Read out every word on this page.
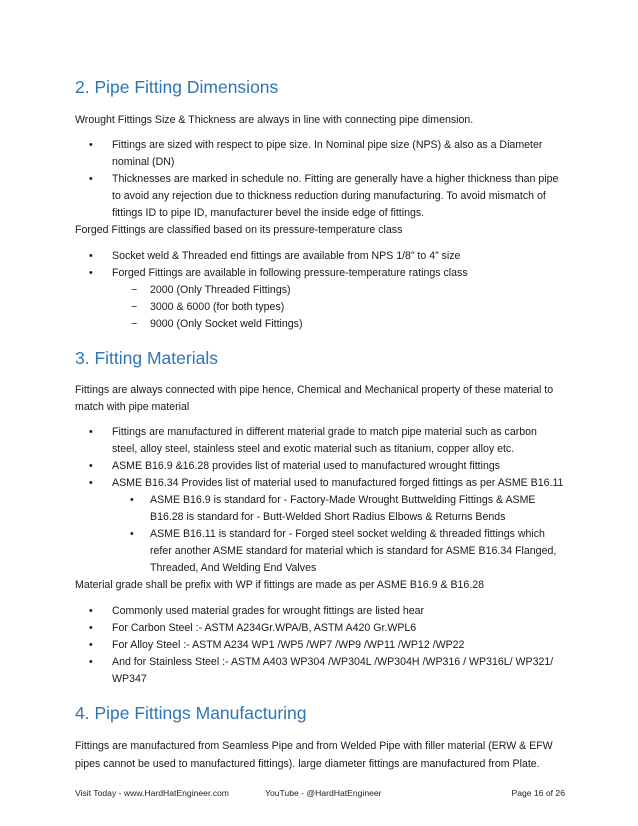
2. Pipe Fitting Dimensions

Wrought Fittings Size & Thickness are always in line with connecting pipe dimension.

• Fittings are sized with respect to pipe size. In Nominal pipe size (NPS) & also as a Diameter nominal (DN)
• Thicknesses are marked in schedule no. Fitting are generally have a higher thickness than pipe to avoid any rejection due to thickness reduction during manufacturing. To avoid mismatch of fittings ID to pipe ID, manufacturer bevel the inside edge of fittings.

Forged Fittings are classified based on its pressure-temperature class

• Socket weld & Threaded end fittings are available from NPS 1/8” to 4” size
• Forged Fittings are available in following pressure-temperature ratings class
− 2000 (Only Threaded Fittings)
− 3000 & 6000 (for both types)
− 9000 (Only Socket weld Fittings)
3. Fitting Materials

Fittings are always connected with pipe hence, Chemical and Mechanical property of these material to match with pipe material

• Fittings are manufactured in different material grade to match pipe material such as carbon steel, alloy steel, stainless steel and exotic material such as titanium, copper alloy etc.
• ASME B16.9 &16.28 provides list of material used to manufactured wrought fittings
• ASME B16.34 Provides list of material used to manufactured forged fittings as per ASME B16.11
• ASME B16.9 is standard for - Factory-Made Wrought Buttwelding Fittings & ASME B16.28 is standard for - Butt-Welded Short Radius Elbows & Returns Bends
• ASME B16.11 is standard for - Forged steel socket welding & threaded fittings which refer another ASME standard for material which is standard for ASME B16.34 Flanged, Threaded, And Welding End Valves

Material grade shall be prefix with WP if fittings are made as per ASME B16.9 & B16.28

• Commonly used material grades for wrought fittings are listed hear
• For Carbon Steel :- ASTM A234Gr.WPA/B, ASTM A420 Gr.WPL6
• For Alloy Steel :- ASTM A234 WP1 /WP5 /WP7 /WP9 /WP11 /WP12 /WP22
• And for Stainless Steel :- ASTM A403 WP304 /WP304L /WP304H /WP316 / WP316L/ WP321/ WP347
4. Pipe Fittings Manufacturing

Fittings are manufactured from Seamless Pipe and from Welded Pipe with filler material (ERW & EFW pipes cannot be used to manufactured fittings). large diameter fittings are manufactured from Plate.

Visit Today - www.HardHatEngineer.com	YouTube - @HardHatEngineer	Page 16 of 26
